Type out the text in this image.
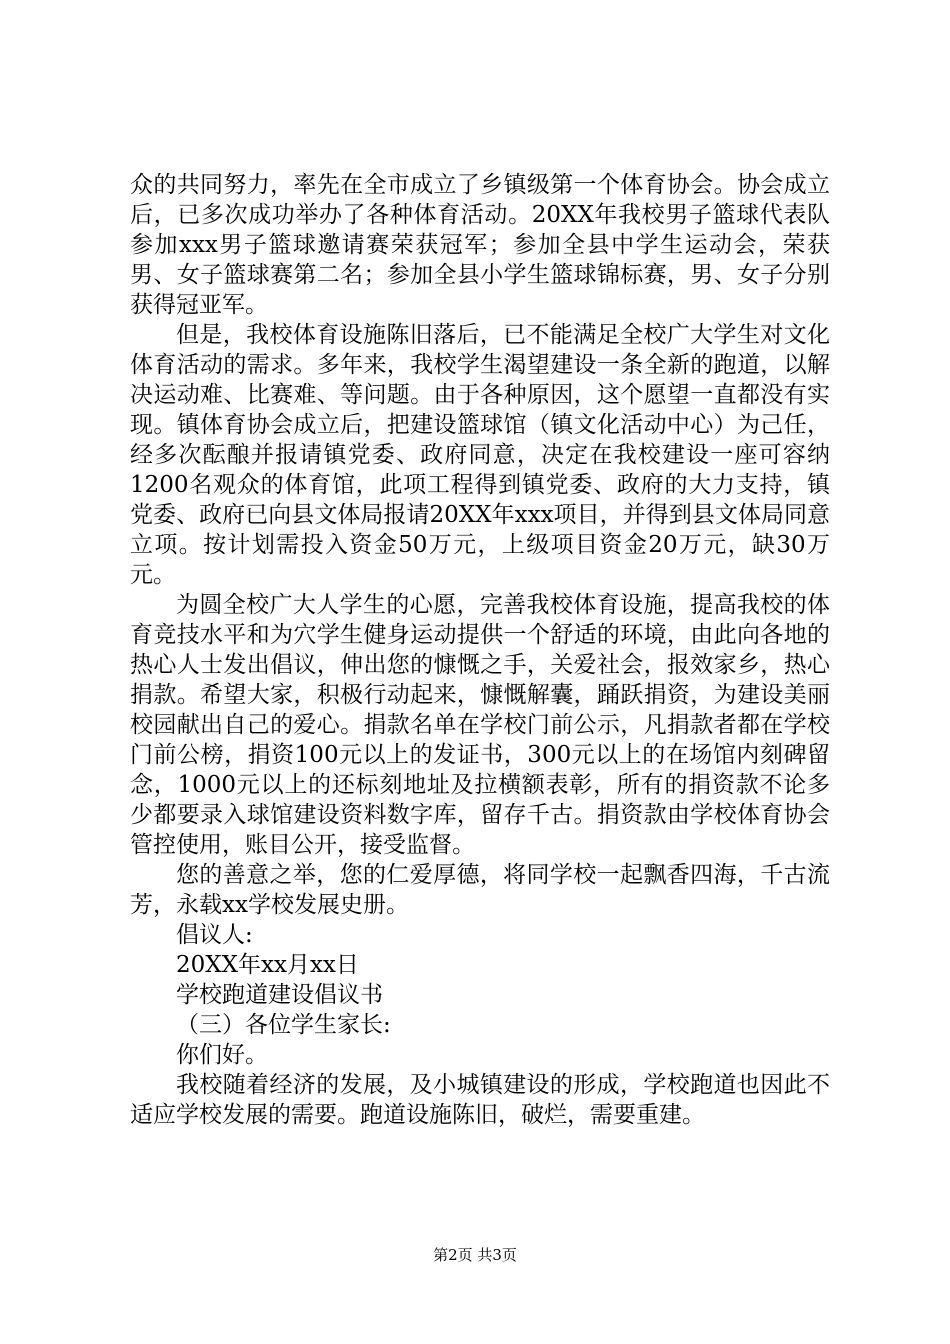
众的共同努力，率先在全市成立了乡镇级第一个体育协会。协会成立后，已多次成功举办了各种体育活动。20XX年我校男子篮球代表队参加xxx男子篮球邀请赛荣获冠军；参加全县中学生运动会，荣获男、女子篮球赛第二名；参加全县小学生篮球锦标赛，男、女子分别获得冠亚军。

但是，我校体育设施陈旧落后，已不能满足全校广大学生对文化体育活动的需求。多年来，我校学生渴望建设一条全新的跑道，以解决运动难、比赛难、等问题。由于各种原因，这个愿望一直都没有实现。镇体育协会成立后，把建设篮球馆（镇文化活动中心）为己任，经多次酝酿并报请镇党委、政府同意，决定在我校建设一座可容纳1200名观众的体育馆，此项工程得到镇党委、政府的大力支持，镇党委、政府已向县文体局报请20XX年xxx项目，并得到县文体局同意立项。按计划需投入资金50万元，上级项目资金20万元，缺30万元。

为圆全校广大人学生的心愿，完善我校体育设施，提高我校的体育竞技水平和为穴学生健身运动提供一个舒适的环境，由此向各地的热心人士发出倡议，伸出您的慷慨之手，关爱社会，报效家乡，热心捐款。希望大家，积极行动起来，慷慨解囊，踊跃捐资，为建设美丽校园献出自己的爱心。捐款名单在学校门前公示，凡捐款者都在学校门前公榜，捐资100元以上的发证书，300元以上的在场馆内刻碑留念，1000元以上的还标刻地址及拉横额表彰，所有的捐资款不论多少都要录入球馆建设资料数字库，留存千古。捐资款由学校体育协会管控使用，账目公开，接受监督。

您的善意之举，您的仁爱厚德，将同学校一起飘香四海，千古流芳，永载xx学校发展史册。

倡议人:

20XX年xx月xx日

学校跑道建设倡议书

（三）各位学生家长:

你们好。

我校随着经济的发展，及小城镇建设的形成，学校跑道也因此不适应学校发展的需要。跑道设施陈旧，破烂，需要重建。

第2页 共3页
